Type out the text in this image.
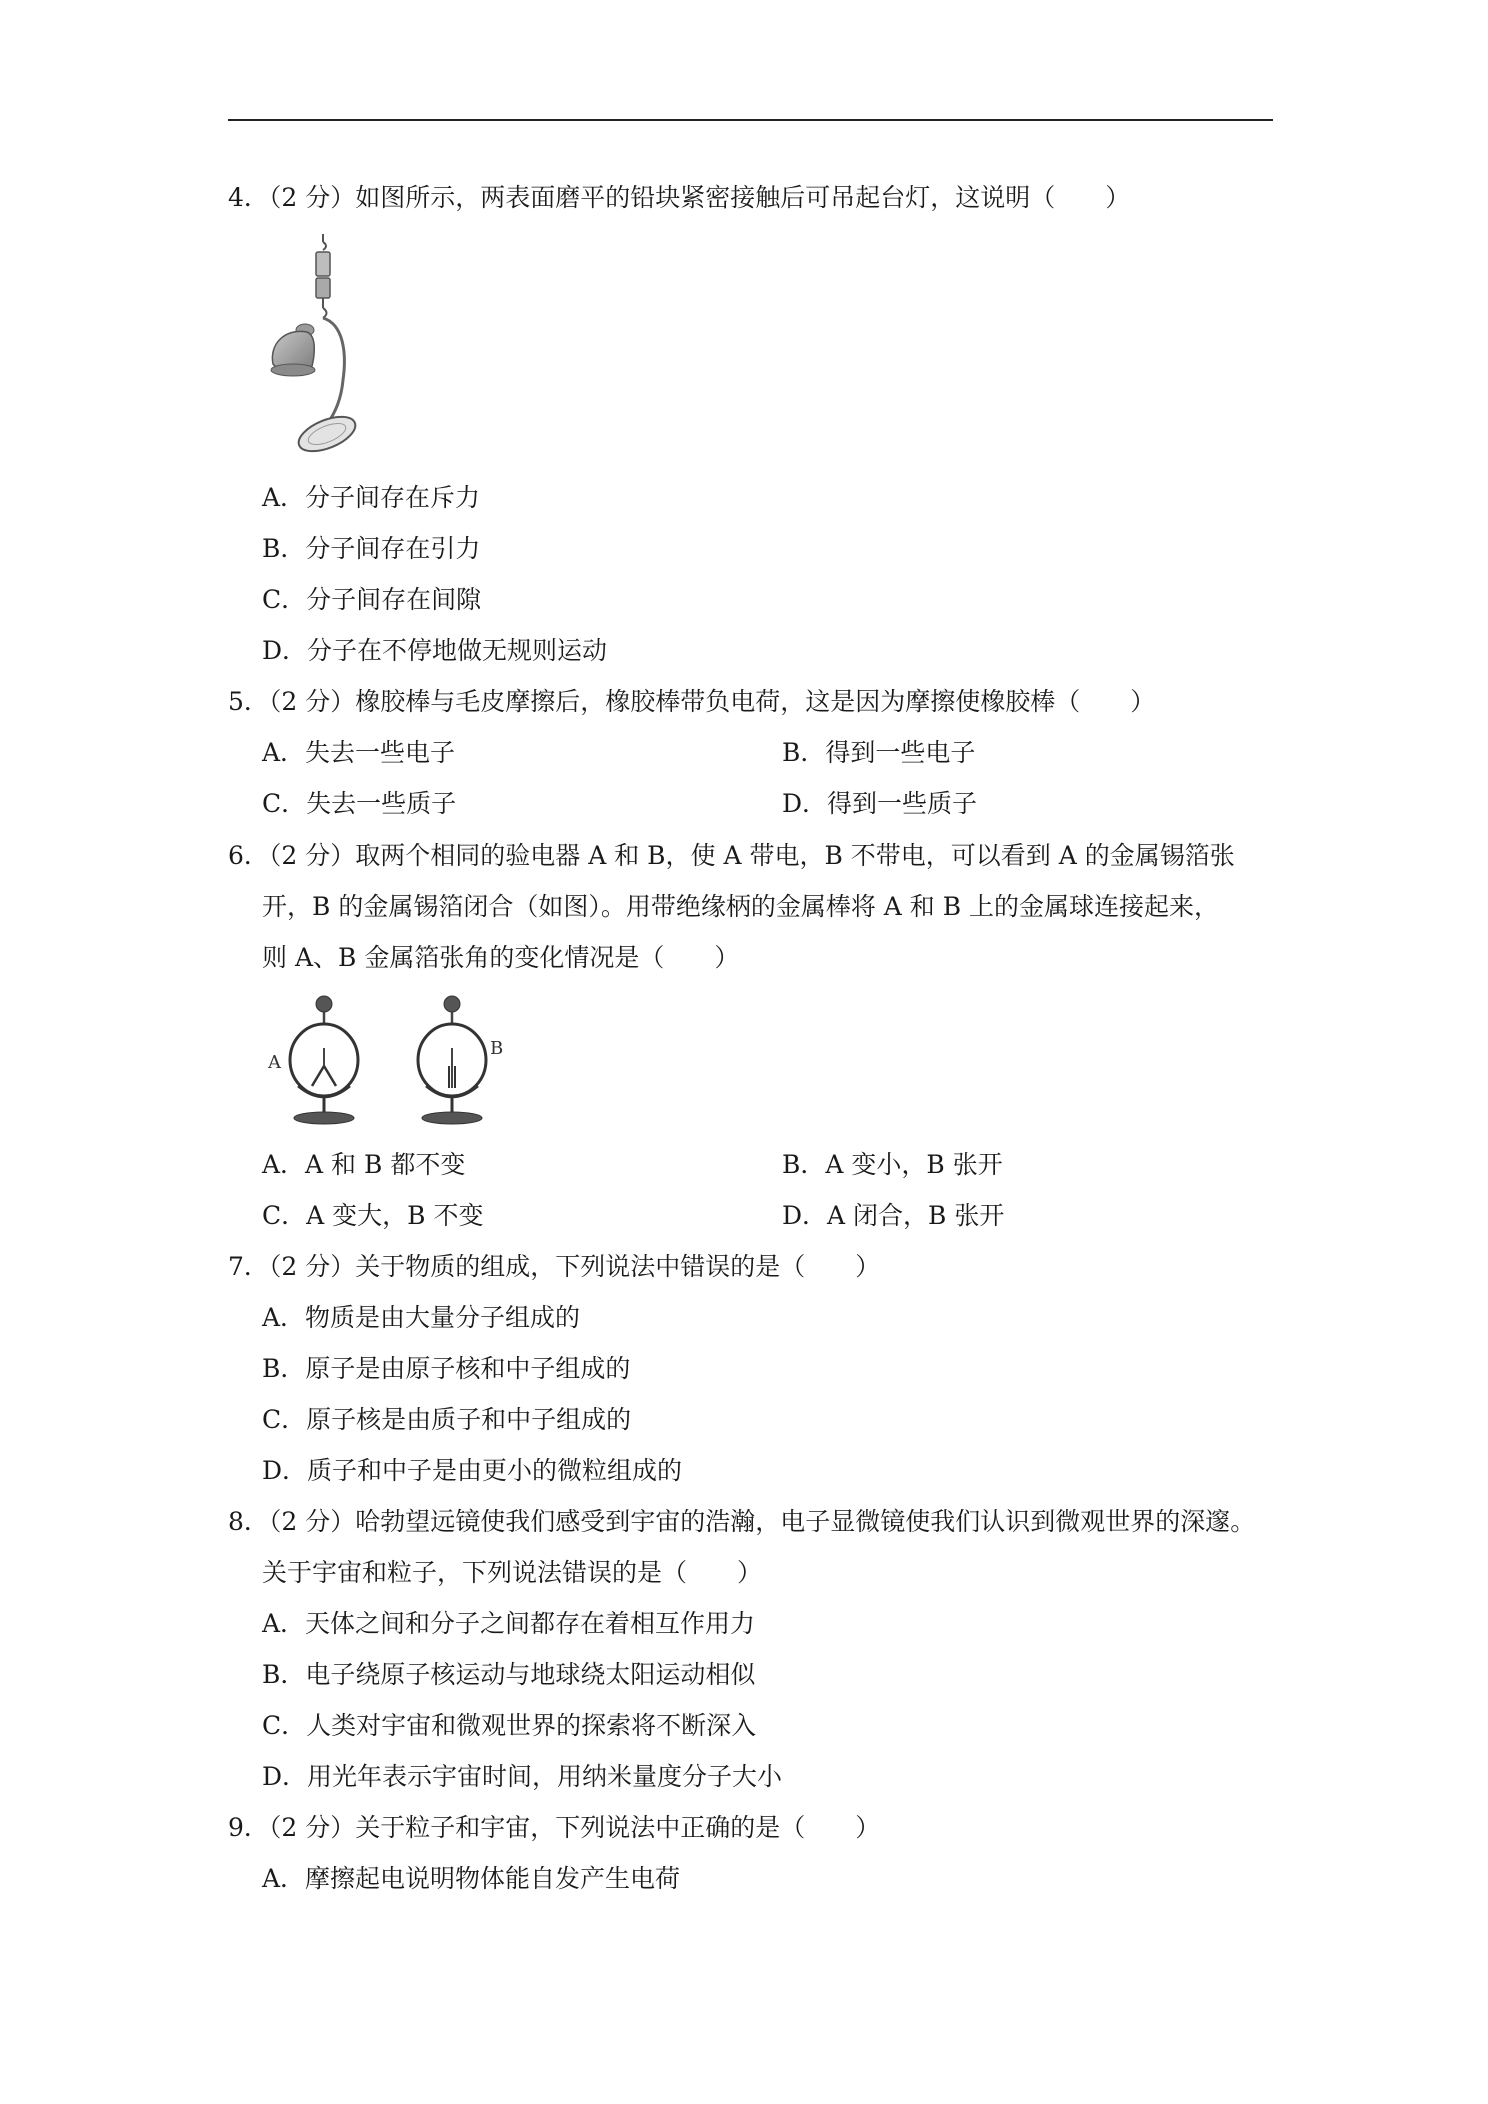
4．（2 分）如图所示，两表面磨平的铅块紧密接触后可吊起台灯，这说明（　　）
A．分子间存在斥力
B．分子间存在引力
C．分子间存在间隙
D．分子在不停地做无规则运动
5．（2 分）橡胶棒与毛皮摩擦后，橡胶棒带负电荷，这是因为摩擦使橡胶棒（　　）
A．失去一些电子	B．得到一些电子
C．失去一些质子	D．得到一些质子
6．（2 分）取两个相同的验电器 A 和 B，使 A 带电，B 不带电，可以看到 A 的金属锡箔张
开，B 的金属锡箔闭合（如图）。用带绝缘柄的金属棒将 A 和 B 上的金属球连接起来，
则 A、B 金属箔张角的变化情况是（　　）
A
B
A．A 和 B 都不变	B．A 变小，B 张开
C．A 变大，B 不变	D．A 闭合，B 张开
7．（2 分）关于物质的组成，下列说法中错误的是（　　）
A．物质是由大量分子组成的
B．原子是由原子核和中子组成的
C．原子核是由质子和中子组成的
D．质子和中子是由更小的微粒组成的
8．（2 分）哈勃望远镜使我们感受到宇宙的浩瀚，电子显微镜使我们认识到微观世界的深邃。
关于宇宙和粒子，下列说法错误的是（　　）
A．天体之间和分子之间都存在着相互作用力
B．电子绕原子核运动与地球绕太阳运动相似
C．人类对宇宙和微观世界的探索将不断深入
D．用光年表示宇宙时间，用纳米量度分子大小
9．（2 分）关于粒子和宇宙，下列说法中正确的是（　　）
A．摩擦起电说明物体能自发产生电荷
